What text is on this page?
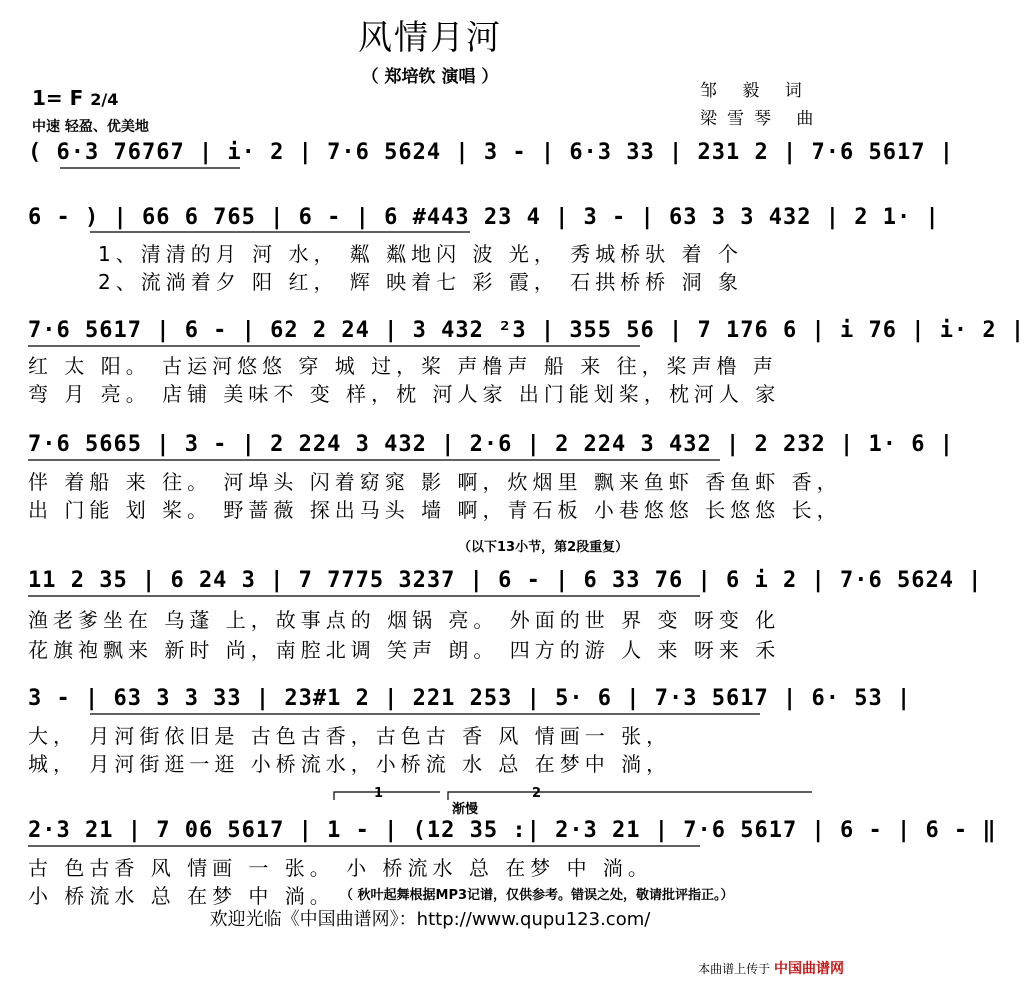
风情月河
（ 郑培钦 演唱 ）
邹 毅 词
梁雪琴 曲
1= F 2/4
中速 轻盈、优美地
( 6·3 76767 | i· 2 | 7·6 5624 | 3 - | 6·3 33 | 231 2 | 7·6 5617 |
6 - ) | 66 6 765 | 6 - | 6 #443 23 4 | 3 - | 63 3 3 432 | 2 1· |
1、清清的月 河 水， 粼 粼地闪 波 光， 秀城桥驮 着 个
2、流淌着夕 阳 红， 辉 映着七 彩 霞， 石拱桥桥 洞 象
7·6 5617 | 6 - | 62 2 24 | 3 432 ²3 | 355 56 | 7 176 6 | i 76 | i· 2 |
红 太 阳。 古运河悠悠 穿 城 过，桨 声橹声 船 来 往，桨声橹 声
弯 月 亮。 店铺 美味不 变 样，枕 河人家 出门能划桨，枕河人 家
7·6 5665 | 3 - | 2 224 3 432 | 2·6 | 2 224 3 432 | 2 232 | 1· 6 |
伴 着船 来 往。 河埠头 闪着窈窕 影 啊，炊烟里 飘来鱼虾 香鱼虾 香，
出 门能 划 桨。 野蔷薇 探出马头 墙 啊，青石板 小巷悠悠 长悠悠 长，
（以下13小节，第2段重复）
11 2 35 | 6 24 3 | 7 7775 3237 | 6 - | 6 33 76 | 6 i 2 | 7·6 5624 |
渔老爹坐在 乌蓬 上，故事点的 烟锅 亮。 外面的世 界 变 呀变 化
花旗袍飘来 新时 尚，南腔北调 笑声 朗。 四方的游 人 来 呀来 禾
3 - | 63 3 3 33 | 23#1 2 | 221 253 | 5· 6 | 7·3 5617 | 6· 53 |
大， 月河街依旧是 古色古香，古色古 香 风 情画一 张，
城， 月河街逛一逛 小桥流水，小桥流 水 总 在梦中 淌，
1	2
渐慢
2·3 21 | 7 06 5617 | 1 - | (12 35 :| 2·3 21 | 7·6 5617 | 6 - | 6 - ‖
古 色古香 风 情画 一 张。 小 桥流水 总 在梦 中 淌。
小 桥流水 总 在梦 中 淌。 （ 秋叶起舞根据MP3记谱，仅供参考。错误之处，敬请批评指正。）
欢迎光临《中国曲谱网》：http://www.qupu123.com/
本曲谱上传于 中国曲谱网
